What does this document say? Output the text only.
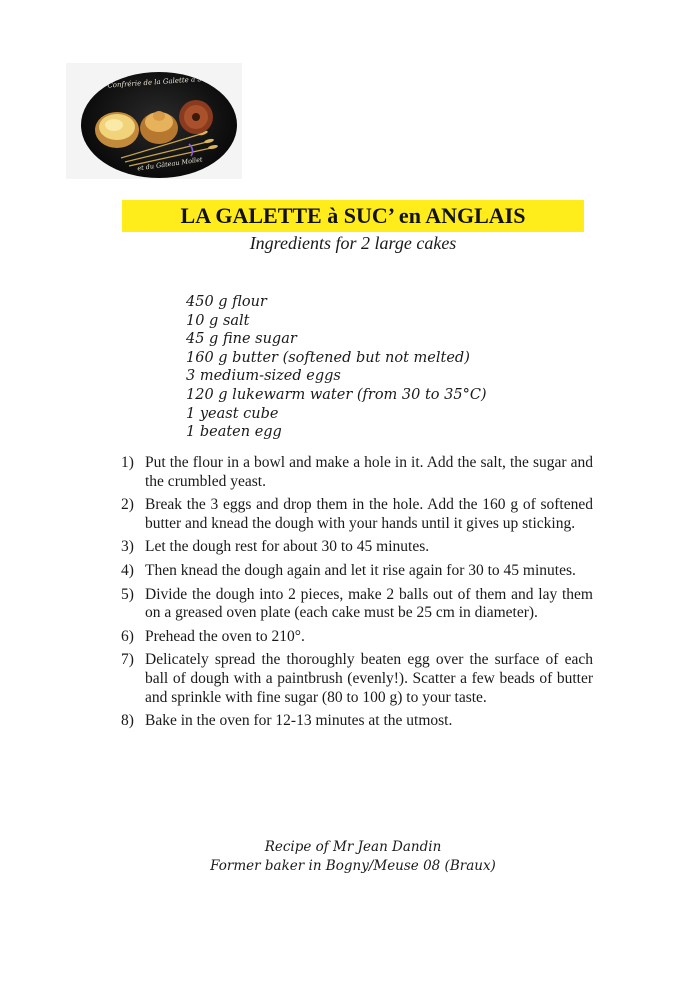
Confrérie de la Galette à Suc
et du Gâteau Mollet
LA GALETTE à SUC’ en ANGLAIS
Ingredients for 2 large cakes
450 g flour
10 g salt
45 g fine sugar
160 g butter (softened but not melted)
3 medium-sized eggs
120 g lukewarm water (from 30 to 35°C)
1 yeast cube
1 beaten egg
1) Put the flour in a bowl and make a hole in it. Add the salt, the sugar and the crumbled yeast.
2) Break the 3 eggs and drop them in the hole. Add the 160 g of softened butter and knead the dough with your hands until it gives up sticking.
3) Let the dough rest for about 30 to 45 minutes.
4) Then knead the dough again and let it rise again for 30 to 45 minutes.
5) Divide the dough into 2 pieces, make 2 balls out of them and lay them on a greased oven plate (each cake must be 25 cm in diameter).
6) Prehead the oven to 210°.
7) Delicately spread the thoroughly beaten egg over the surface of each ball of dough with a paintbrush (evenly!). Scatter a few beads of butter and sprinkle with fine sugar (80 to 100 g) to your taste.
8) Bake in the oven for 12-13 minutes at the utmost.
Recipe of Mr Jean Dandin
Former baker in Bogny/Meuse 08 (Braux)
